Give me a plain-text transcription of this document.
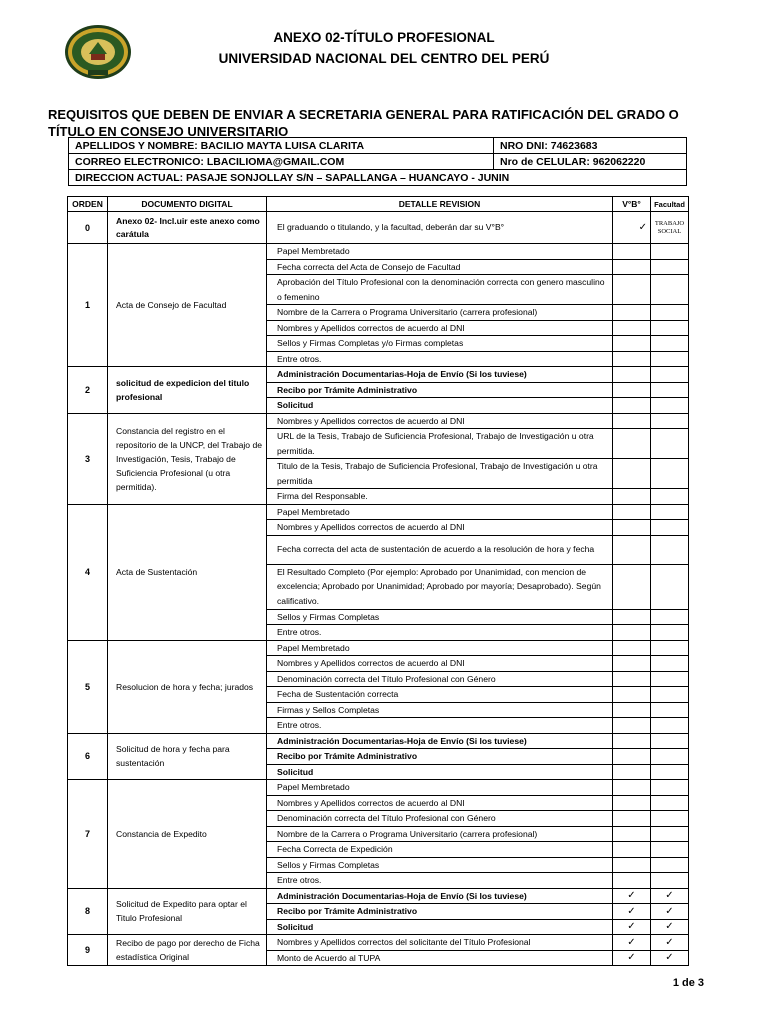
ANEXO 02-TÍTULO PROFESIONAL
UNIVERSIDAD NACIONAL DEL CENTRO DEL PERÚ
REQUISITOS QUE DEBEN DE ENVIAR A SECRETARIA GENERAL PARA RATIFICACIÓN DEL GRADO O TÍTULO EN CONSEJO UNIVERSITARIO
APELLIDOS Y NOMBRE: BACILIO MAYTA LUISA CLARITA	NRO DNI: 74623683
CORREO ELECTRONICO: LBACILIOMA@GMAIL.COM	Nro de CELULAR: 962062220
DIRECCION ACTUAL: PASAJE SONJOLLAY S/N – SAPALLANGA – HUANCAYO - JUNIN	
ORDEN	DOCUMENTO DIGITAL	DETALLE REVISION	V°B°	Facultad
0	Anexo 02- Incl.uir este anexo como carátula	El graduando o titulando, y la facultad, deberán dar su V°B°	✓	TRABAJO SOCIAL
1	Acta de Consejo de Facultad	Papel Membretado		
		Fecha correcta del Acta de Consejo de Facultad		
		Aprobación del Título Profesional con la denominación correcta con genero masculino o femenino		
		Nombre de la Carrera o Programa Universitario (carrera profesional)		
		Nombres y Apellidos correctos de acuerdo al DNI		
		Sellos y Firmas Completas y/o Firmas completas		
		Entre otros.		
2	solicitud de expedicion del titulo profesional	Administración Documentarias-Hoja de Envío (Si los tuviese)		
		Recibo por Trámite Administrativo		
		Solicitud		
3	Constancia del registro en el repositorio de la UNCP, del Trabajo de Investigación, Tesis, Trabajo de Suficiencia Profesional (u otra permitida).	Nombres y Apellidos correctos de acuerdo al DNI		
		URL de la Tesis, Trabajo de Suficiencia Profesional, Trabajo de Investigación u otra permitida.		
		Titulo de la Tesis, Trabajo de Suficiencia Profesional, Trabajo de Investigación u otra permitida		
		Firma del Responsable.		
4	Acta de Sustentación	Papel Membretado		
		Nombres y Apellidos correctos de acuerdo al DNI		
		Fecha correcta del acta de sustentación de acuerdo a la resolución de hora y fecha		
		El Resultado Completo (Por ejemplo: Aprobado por Unanimidad, con mencion de excelencia; Aprobado por Unanimidad; Aprobado por mayoría; Desaprobado). Según calificativo.		
		Sellos y Firmas Completas		
		Entre otros.		
5	Resolucion de hora y fecha; jurados	Papel Membretado		
		Nombres y Apellidos correctos de acuerdo al DNI		
		Denominación correcta del Título Profesional con Género		
		Fecha de Sustentación correcta		
		Firmas y Sellos Completas		
		Entre otros.		
6	Solicitud de hora y fecha para sustentación	Administración Documentarias-Hoja de Envío (Si los tuviese)		
		Recibo por Trámite Administrativo		
		Solicitud		
7	Constancia de Expedito	Papel Membretado		
		Nombres y Apellidos correctos de acuerdo al DNI		
		Denominación correcta del Título Profesional con Género		
		Nombre de la Carrera o Programa Universitario (carrera profesional)		
		Fecha Correcta de Expedición		
		Sellos y Firmas Completas		
		Entre otros.		
8	Solicitud de Expedito para optar el Titulo Profesional	Administración Documentarias-Hoja de Envío (Si los tuviese)	✓	✓
		Recibo por Trámite Administrativo	✓	✓
		Solicitud	✓	✓
9	Recibo de pago por derecho de Ficha estadística Original	Nombres y Apellidos correctos del solicitante del Título Profesional	✓	✓
		Monto de Acuerdo al TUPA	✓	✓
1 de 3
